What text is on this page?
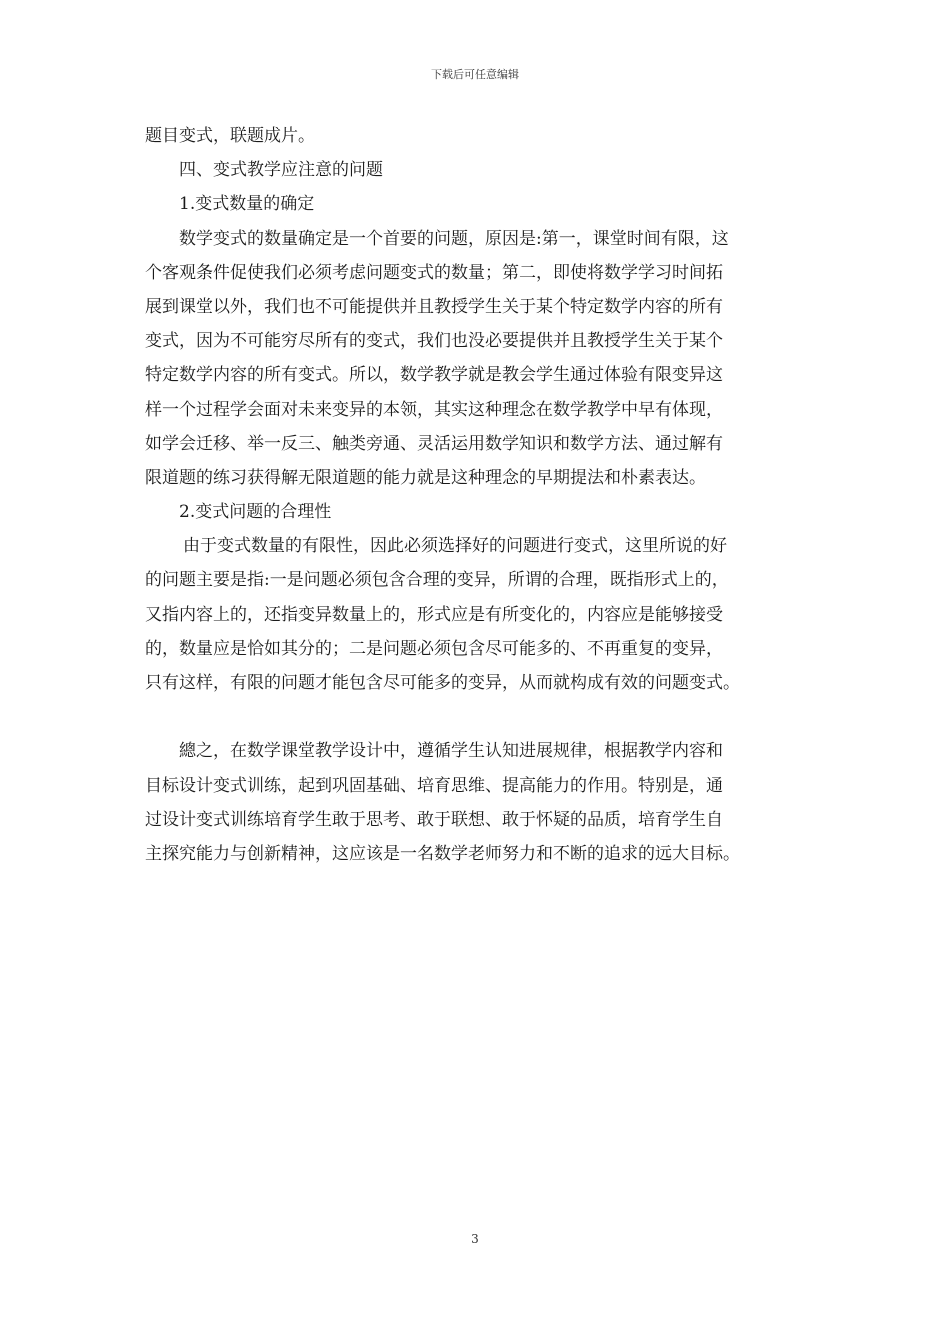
下载后可任意编辑
题目变式，联题成片。
四、变式教学应注意的问题
1.变式数量的确定
数学变式的数量确定是一个首要的问题，原因是:第一，课堂时间有限，这
个客观条件促使我们必须考虑问题变式的数量；第二，即使将数学学习时间拓
展到课堂以外，我们也不可能提供并且教授学生关于某个特定数学内容的所有
变式，因为不可能穷尽所有的变式，我们也没必要提供并且教授学生关于某个
特定数学内容的所有变式。所以，数学教学就是教会学生通过体验有限变异这
样一个过程学会面对未来变异的本领，其实这种理念在数学教学中早有体现，
如学会迁移、举一反三、触类旁通、灵活运用数学知识和数学方法、通过解有
限道题的练习获得解无限道题的能力就是这种理念的早期提法和朴素表达。
2.变式问题的合理性
由于变式数量的有限性，因此必须选择好的问题进行变式，这里所说的好
的问题主要是指:一是问题必须包含合理的变异，所谓的合理，既指形式上的，
又指内容上的，还指变异数量上的，形式应是有所变化的，内容应是能够接受
的，数量应是恰如其分的；二是问题必须包含尽可能多的、不再重复的变异，
只有这样，有限的问题才能包含尽可能多的变异，从而就构成有效的问题变式。
總之，在数学课堂教学设计中，遵循学生认知进展规律，根据教学内容和
目标设计变式训练，起到巩固基础、培育思维、提高能力的作用。特别是，通
过设计变式训练培育学生敢于思考、敢于联想、敢于怀疑的品质，培育学生自
主探究能力与创新精神，这应该是一名数学老师努力和不断的追求的远大目标。
3
